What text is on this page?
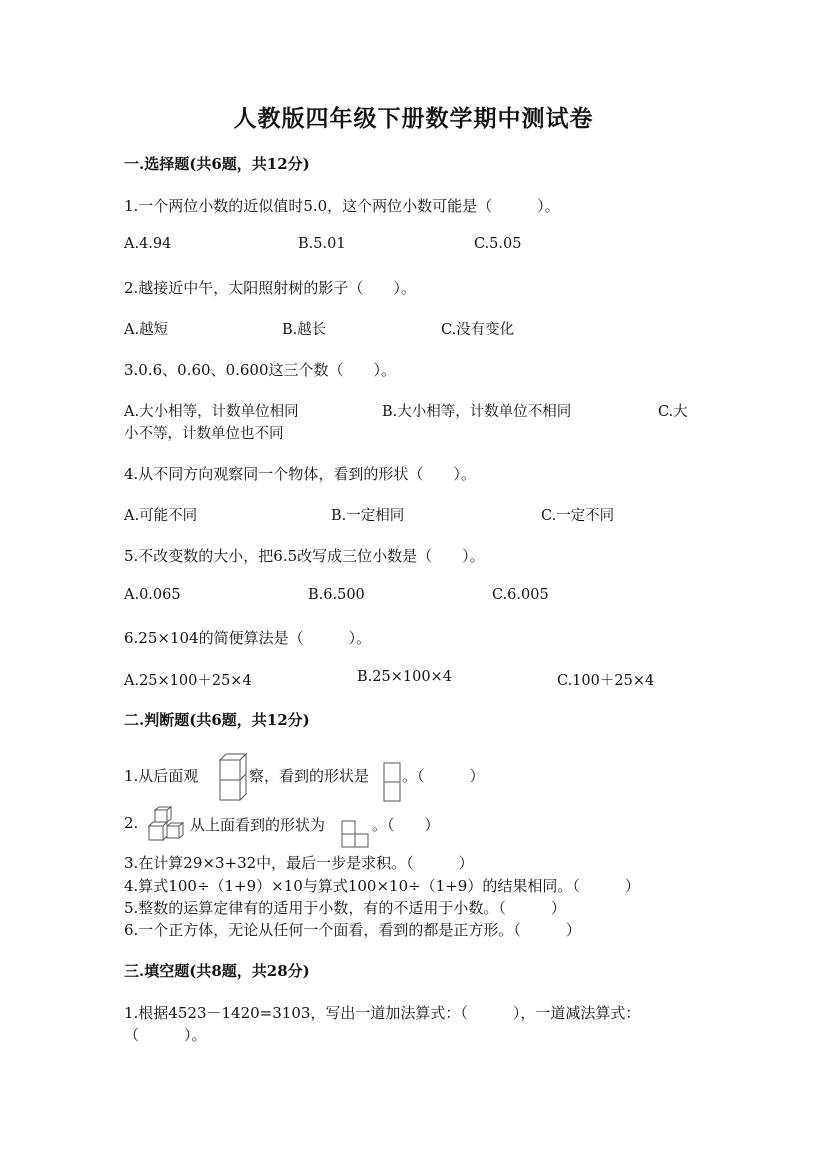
人教版四年级下册数学期中测试卷
一.选择题(共6题，共12分)
1.一个两位小数的近似值时5.0，这个两位小数可能是（　　　）。
A.4.94	B.5.01	C.5.05
2.越接近中午，太阳照射树的影子（　　）。
A.越短	B.越长	C.没有变化
3.0.6、0.60、0.600这三个数（　　）。
A.大小相等，计数单位相同	B.大小相等，计数单位不相同	C.大
小不等，计数单位也不同
4.从不同方向观察同一个物体，看到的形状（　　）。
A.可能不同	B.一定相同	C.一定不同
5.不改变数的大小，把6.5改写成三位小数是（　　）。
A.0.065	B.6.500	C.6.005
6.25×104的简便算法是（　　　）。
A.25×100＋25×4	B.25×100×4	C.100＋25×4
二.判断题(共6题，共12分)
1.从后面观	察，看到的形状是 。（　　　）
2.	从上面看到的形状为	。（　　）
3.在计算29×3+32中，最后一步是求积。（　　　）
4.算式100÷（1+9）×10与算式100×10÷（1+9）的结果相同。（　　　）
5.整数的运算定律有的适用于小数，有的不适用于小数。（　　　）
6.一个正方体，无论从任何一个面看，看到的都是正方形。（　　　）
三.填空题(共8题，共28分)
1.根据4523－1420=3103，写出一道加法算式：（　　　），一道减法算式：
（　　　）。
